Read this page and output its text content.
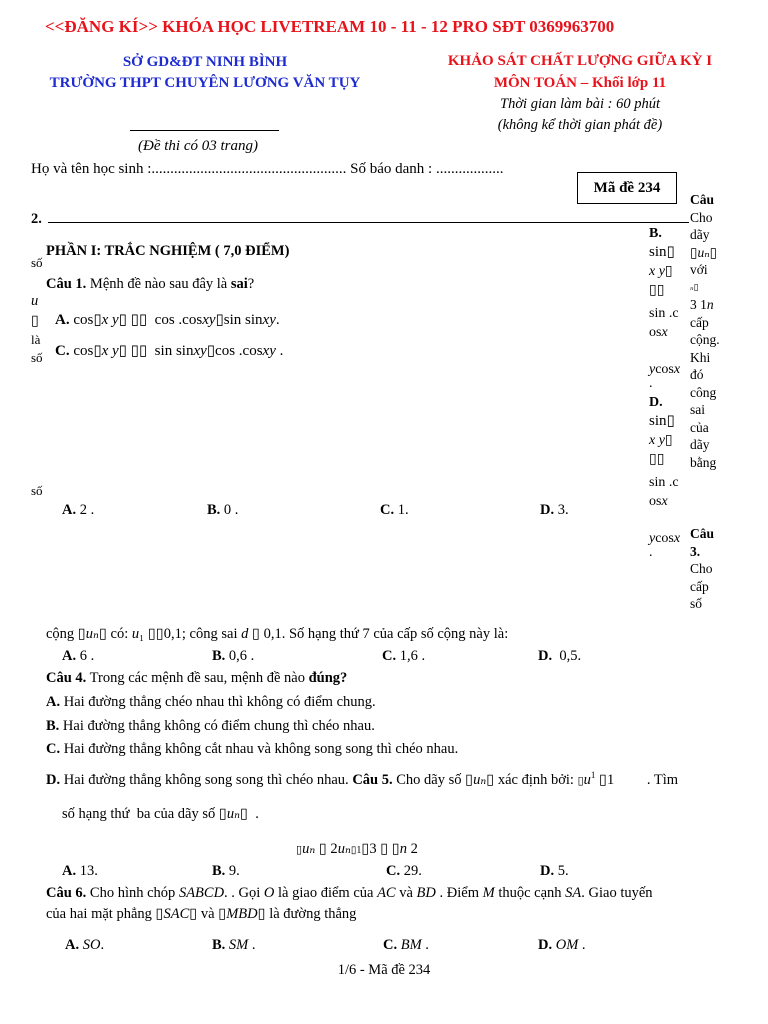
<<ĐĂNG KÍ>> KHÓA HỌC LIVETREAM 10 - 11 - 12 PRO SĐT 0369963700
SỞ GD&ĐT NINH BÌNH
TRƯỜNG THPT CHUYÊN LƯƠNG VĂN TỤY
KHẢO SÁT CHẤT LƯỢNG GIỮA KỲ I
MÔN TOÁN – Khối lớp 11
Thời gian làm bài : 60 phút
(không kể thời gian phát đề)
(Đề thi có 03 trang)
Họ và tên học sinh :.................................................... Số báo danh : ..................
Mã đề 234
2.
Câu
Cho
dãy
▯uₙ▯
với
ₙ▯
3 1n
cấp
cộng.
Khi
đó
công
sai
của
dãy
bằng
Câu
3.
Cho
cấp
số
B.
sin▯
x y▯
▯▯
sin .c
osx
ycosx
.
D.
sin▯
x y▯
▯▯
sin .c
osx
ycosx
.
PHẦN I: TRẮC NGHIỆM ( 7,0 ĐIỂM)
số
Câu 1. Mệnh đề nào sau đây là sai?
u
▯
là
số
A. cos▯x y▯ ▯▯  cos .cosxy▯sin sinxy.
C. cos▯x y▯ ▯▯  sin sinxy▯cos .cosxy .
số
A. 2 .	B. 0 .	C. 1.	D. 3.
cộng ▯uₙ▯ có: u₁ ▯▯0,1; công sai d ▯ 0,1. Số hạng thứ 7 của cấp số cộng này là:
A. 6 .	B. 0,6 .	C. 1,6 .	D.  0,5.
Câu 4. Trong các mệnh đề sau, mệnh đề nào đúng?
A. Hai đường thẳng chéo nhau thì không có điểm chung.
B. Hai đường thẳng không có điểm chung thì chéo nhau.
C. Hai đường thẳng không cắt nhau và không song song thì chéo nhau.
D. Hai đường thẳng không song song thì chéo nhau. Câu 5. Cho dãy số ▯uₙ▯ xác định bởi: $▯u^1$ ▯1         . Tìm
số hạng thứ  ba của dãy số ▯uₙ▯  .
▯uₙ ▯ 2uₙ▯1▯3 ▯ ▯n 2
A. 13.	B. 9.	C. 29.	D. 5.
Câu 6. Cho hình chóp SABCD. . Gọi O là giao điểm của AC và BD . Điểm M thuộc cạnh SA. Giao tuyến
của hai mặt phẳng ▯SAC▯ và ▯MBD▯ là đường thẳng
A. SO.	B. SM .	C. BM .	D. OM .
1/6 - Mã đề 234
